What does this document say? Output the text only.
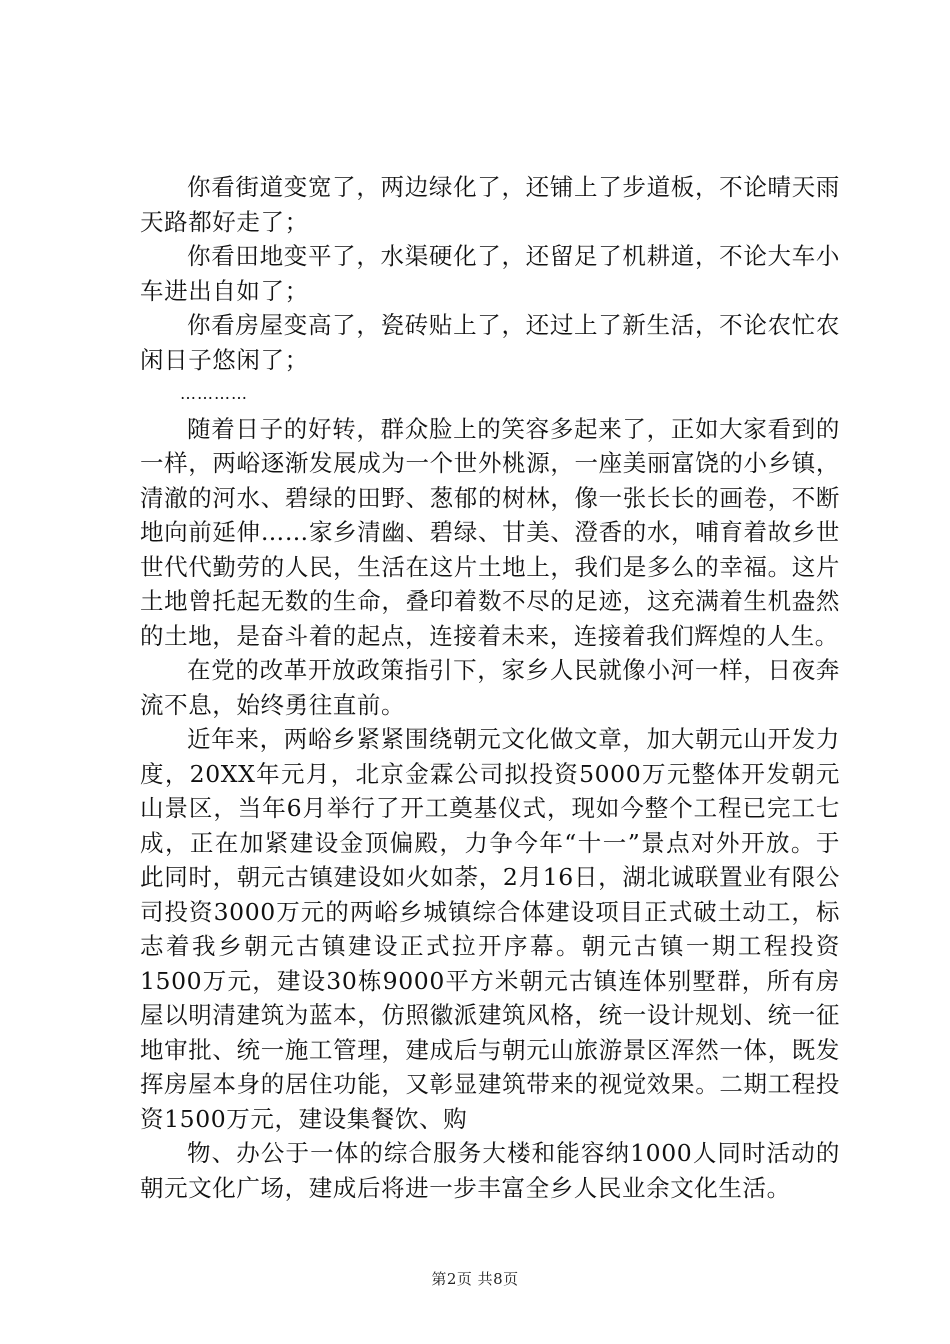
你看街道变宽了，两边绿化了，还铺上了步道板，不论晴天雨天路都好走了；

你看田地变平了，水渠硬化了，还留足了机耕道，不论大车小车进出自如了；

你看房屋变高了，瓷砖贴上了，还过上了新生活，不论农忙农闲日子悠闲了；

…………

随着日子的好转，群众脸上的笑容多起来了，正如大家看到的一样，两峪逐渐发展成为一个世外桃源，一座美丽富饶的小乡镇，清澈的河水、碧绿的田野、葱郁的树林，像一张长长的画卷，不断地向前延伸……家乡清幽、碧绿、甘美、澄香的水，哺育着故乡世世代代勤劳的人民，生活在这片土地上，我们是多么的幸福。这片土地曾托起无数的生命，叠印着数不尽的足迹，这充满着生机盎然的土地，是奋斗着的起点，连接着未来，连接着我们辉煌的人生。

在党的改革开放政策指引下，家乡人民就像小河一样，日夜奔流不息，始终勇往直前。

近年来，两峪乡紧紧围绕朝元文化做文章，加大朝元山开发力度，20XX年元月，北京金霖公司拟投资5000万元整体开发朝元山景区，当年6月举行了开工奠基仪式，现如今整个工程已完工七成，正在加紧建设金顶偏殿，力争今年“十一”景点对外开放。于此同时，朝元古镇建设如火如荼，2月16日，湖北诚联置业有限公司投资3000万元的两峪乡城镇综合体建设项目正式破土动工，标志着我乡朝元古镇建设正式拉开序幕。朝元古镇一期工程投资1500万元，建设30栋9000平方米朝元古镇连体别墅群，所有房屋以明清建筑为蓝本，仿照徽派建筑风格，统一设计规划、统一征地审批、统一施工管理，建成后与朝元山旅游景区浑然一体，既发挥房屋本身的居住功能，又彰显建筑带来的视觉效果。二期工程投资1500万元，建设集餐饮、购

物、办公于一体的综合服务大楼和能容纳1000人同时活动的朝元文化广场，建成后将进一步丰富全乡人民业余文化生活。

第2页 共8页
